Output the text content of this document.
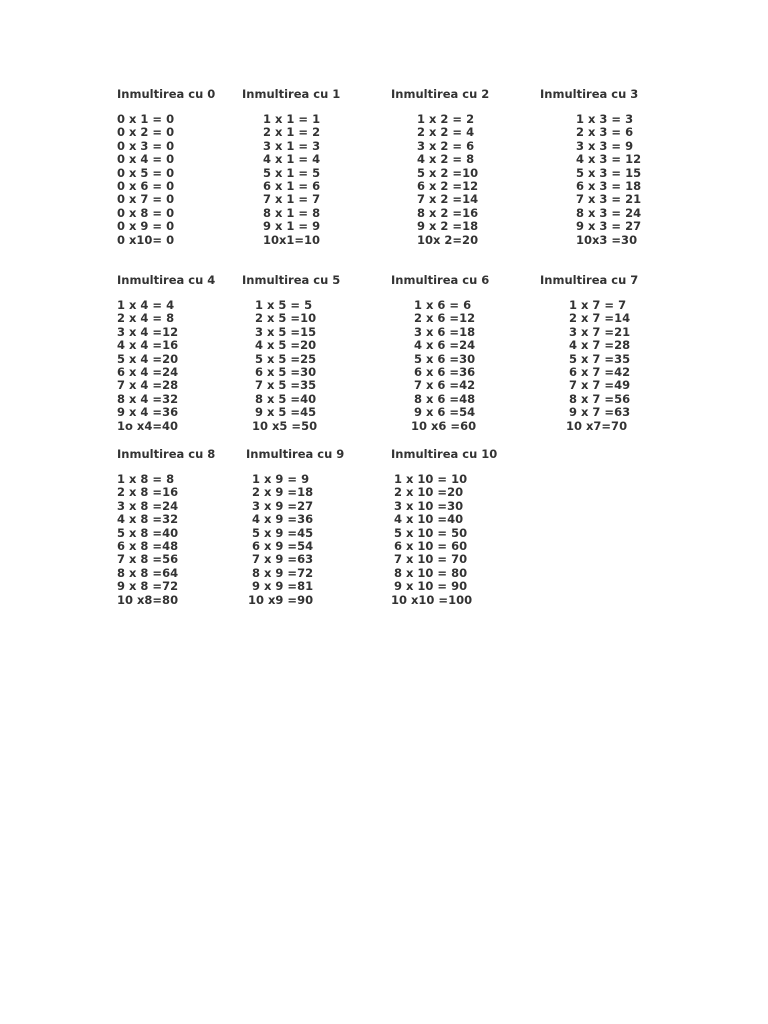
Inmultirea cu 0
0 x 1 = 0
0 x 2 = 0
0 x 3 = 0
0 x 4 = 0
0 x 5 = 0
0 x 6 = 0
0 x 7 = 0
0 x 8 = 0
0 x 9 = 0
0 x10= 0
Inmultirea cu 1
1 x 1 = 1
2 x 1 = 2
3 x 1 = 3
4 x 1 = 4
5 x 1 = 5
6 x 1 = 6
7 x 1 = 7
8 x 1 = 8
9 x 1 = 9
10x1=10
Inmultirea cu 2
1 x 2 = 2
2 x 2 = 4
3 x 2 = 6
4 x 2 = 8
5 x 2 =10
6 x 2 =12
7 x 2 =14
8 x 2 =16
9 x 2 =18
10x 2=20
Inmultirea cu 3
1 x 3 = 3
2 x 3 = 6
3 x 3 = 9
4 x 3 = 12
5 x 3 = 15
6 x 3 = 18
7 x 3 = 21
8 x 3 = 24
9 x 3 = 27
10x3 =30
Inmultirea cu 4
1 x 4 = 4
2 x 4 = 8
3 x 4 =12
4 x 4 =16
5 x 4 =20
6 x 4 =24
7 x 4 =28
8 x 4 =32
9 x 4 =36
1o x4=40
Inmultirea cu 5
1 x 5 = 5
2 x 5 =10
3 x 5 =15
4 x 5 =20
5 x 5 =25
6 x 5 =30
7 x 5 =35
8 x 5 =40
9 x 5 =45
10 x5 =50
Inmultirea cu 6
1 x 6 = 6
2 x 6 =12
3 x 6 =18
4 x 6 =24
5 x 6 =30
6 x 6 =36
7 x 6 =42
8 x 6 =48
9 x 6 =54
10 x6 =60
Inmultirea cu 7
1 x 7 = 7
2 x 7 =14
3 x 7 =21
4 x 7 =28
5 x 7 =35
6 x 7 =42
7 x 7 =49
8 x 7 =56
9 x 7 =63
10 x7=70
Inmultirea cu 8
1 x 8 = 8
2 x 8 =16
3 x 8 =24
4 x 8 =32
5 x 8 =40
6 x 8 =48
7 x 8 =56
8 x 8 =64
9 x 8 =72
10 x8=80
Inmultirea cu 9
1 x 9 = 9
2 x 9 =18
3 x 9 =27
4 x 9 =36
5 x 9 =45
6 x 9 =54
7 x 9 =63
8 x 9 =72
9 x 9 =81
10 x9 =90
Inmultirea cu 10
1 x 10 = 10
2 x 10 =20
3 x 10 =30
4 x 10 =40
5 x 10 = 50
6 x 10 = 60
7 x 10 = 70
8 x 10 = 80
9 x 10 = 90
10 x10 =100
